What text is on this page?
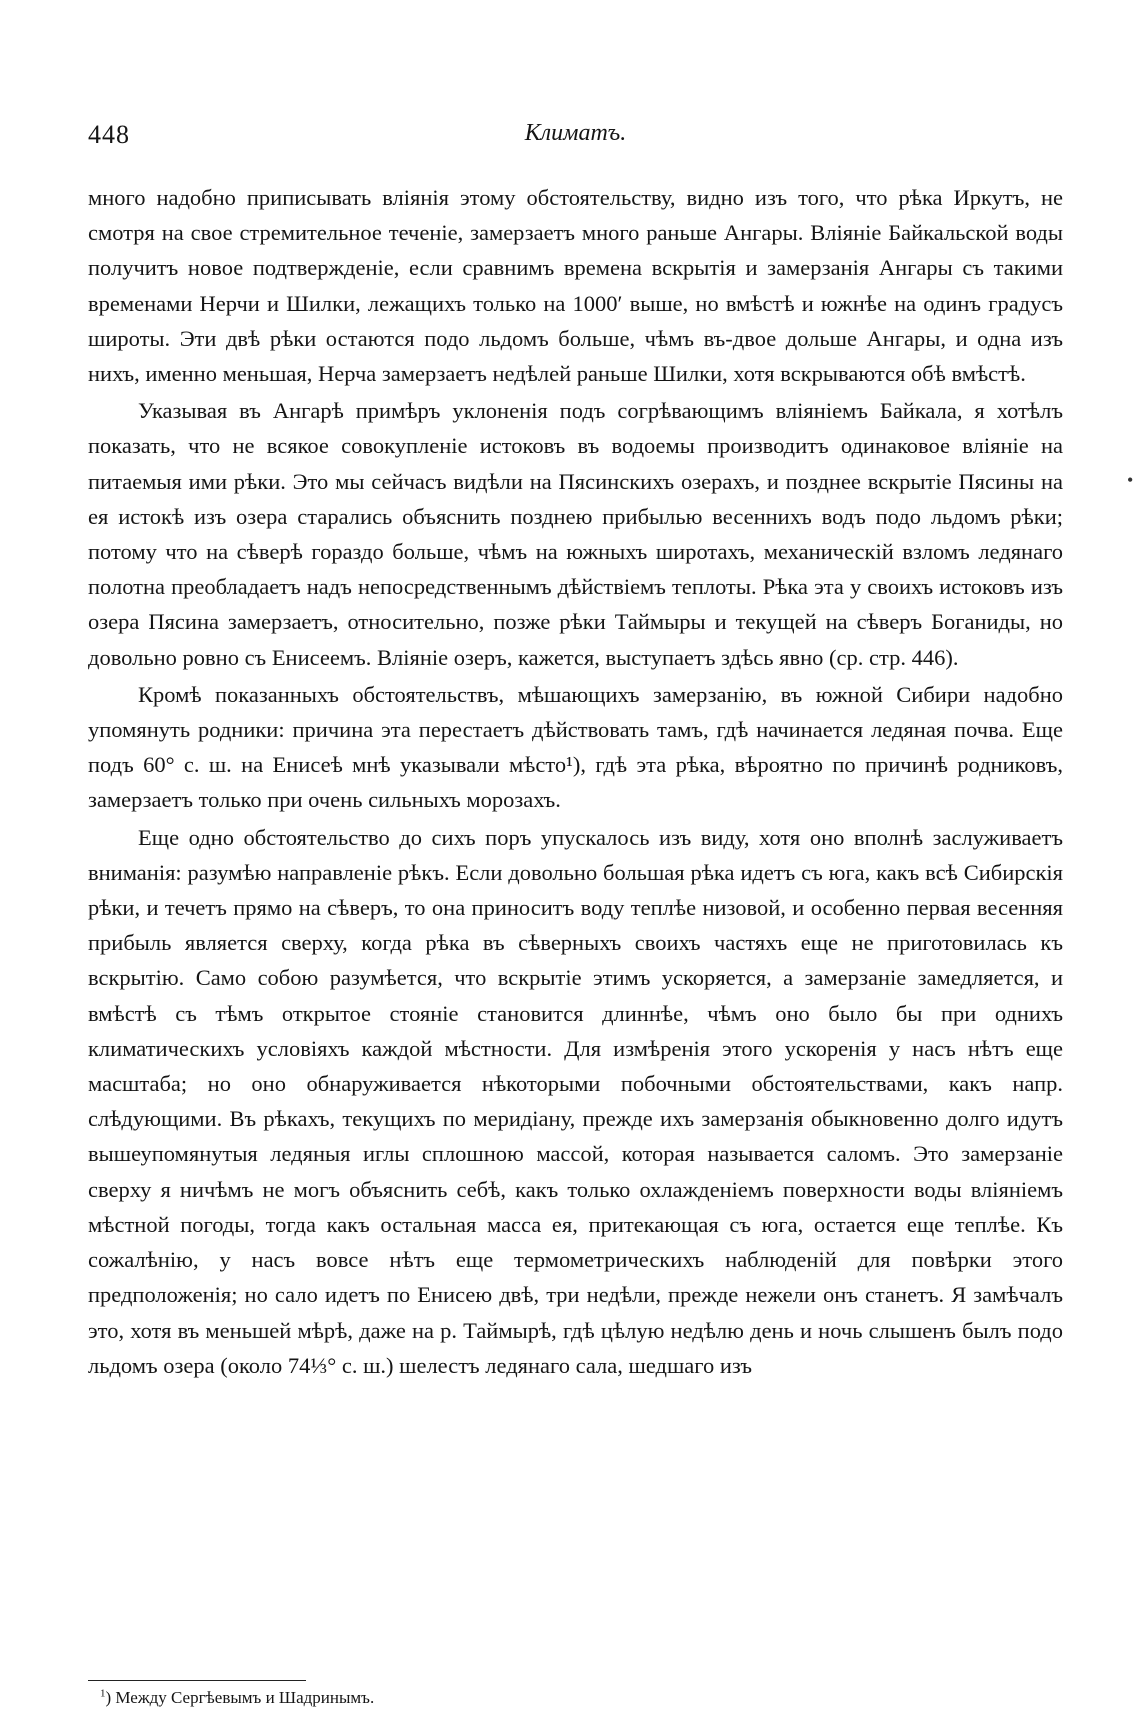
448	Климатъ.

много надобно приписывать вліянія этому обстоятельству, видно изъ того, что рѣка Иркутъ, не смотря на свое стремительное теченіе, замерзаетъ много раньше Ангары. Вліяніе Байкальской воды получитъ новое подтвержденіе, если сравнимъ времена вскрытія и замерзанія Ангары съ такими временами Нерчи и Шилки, лежащихъ только на 1000′ выше, но вмѣстѣ и южнѣе на одинъ градусъ широты. Эти двѣ рѣки остаются подо льдомъ больше, чѣмъ въ-двое дольше Ангары, и одна изъ нихъ, именно меньшая, Нерча замерзаетъ недѣлей раньше Шилки, хотя вскрываются обѣ вмѣстѣ.

Указывая въ Ангарѣ примѣръ уклоненія подъ согрѣвающимъ вліяніемъ Байкала, я хотѣлъ показать, что не всякое совокупленіе истоковъ въ водоемы производитъ одинаковое вліяніе на питаемыя ими рѣки. Это мы сейчасъ видѣли на Пясинскихъ озерахъ, и позднее вскрытіе Пясины на ея истокѣ изъ озера старались объяснить позднею прибылью весеннихъ водъ подо льдомъ рѣки; потому что на сѣверѣ гораздо больше, чѣмъ на южныхъ широтахъ, механическій взломъ ледянаго полотна преобладаетъ надъ непосредственнымъ дѣйствіемъ теплоты. Рѣка эта у своихъ истоковъ изъ озера Пясина замерзаетъ, относительно, позже рѣки Таймыры и текущей на сѣверъ Боганиды, но довольно ровно съ Енисеемъ. Вліяніе озеръ, кажется, выступаетъ здѣсь явно (ср. стр. 446).

Кромѣ показанныхъ обстоятельствъ, мѣшающихъ замерзанію, въ южной Сибири надобно упомянуть родники: причина эта перестаетъ дѣйствовать тамъ, гдѣ начинается ледяная почва. Еще подъ 60° с. ш. на Енисеѣ мнѣ указывали мѣсто¹), гдѣ эта рѣка, вѣроятно по причинѣ родниковъ, замерзаетъ только при очень сильныхъ морозахъ.

Еще одно обстоятельство до сихъ поръ упускалось изъ виду, хотя оно вполнѣ заслуживаетъ вниманія: разумѣю направленіе рѣкъ. Если довольно большая рѣка идетъ съ юга, какъ всѣ Сибирскія рѣки, и течетъ прямо на сѣверъ, то она приноситъ воду теплѣе низовой, и особенно первая весенняя прибыль является сверху, когда рѣка въ сѣверныхъ своихъ частяхъ еще не приготовилась къ вскрытію. Само собою разумѣется, что вскрытіе этимъ ускоряется, а замерзаніе замедляется, и вмѣстѣ съ тѣмъ открытое стояніе становится длиннѣе, чѣмъ оно было бы при однихъ климатическихъ условіяхъ каждой мѣстности. Для измѣренія этого ускоренія у насъ нѣтъ еще масштаба; но оно обнаруживается нѣкоторыми побочными обстоятельствами, какъ напр. слѣдующими. Въ рѣкахъ, текущихъ по меридіану, прежде ихъ замерзанія обыкновенно долго идутъ вышеупомянутыя ледяныя иглы сплошною массой, которая называется саломъ. Это замерзаніе сверху я ничѣмъ не могъ объяснить себѣ, какъ только охлажденіемъ поверхности воды вліяніемъ мѣстной погоды, тогда какъ остальная масса ея, притекающая съ юга, остается еще теплѣе. Къ сожалѣнію, у насъ вовсе нѣтъ еще термометрическихъ наблюденій для повѣрки этого предположенія; но сало идетъ по Енисею двѣ, три недѣли, прежде нежели онъ станетъ. Я замѣчалъ это, хотя въ меньшей мѣрѣ, даже на р. Таймырѣ, гдѣ цѣлую недѣлю день и ночь слышенъ былъ подо льдомъ озера (около 74⅓° с. ш.) шелестъ ледянаго сала, шедшаго изъ

$^1$) Между Сергѣевымъ и Шадринымъ.
•
